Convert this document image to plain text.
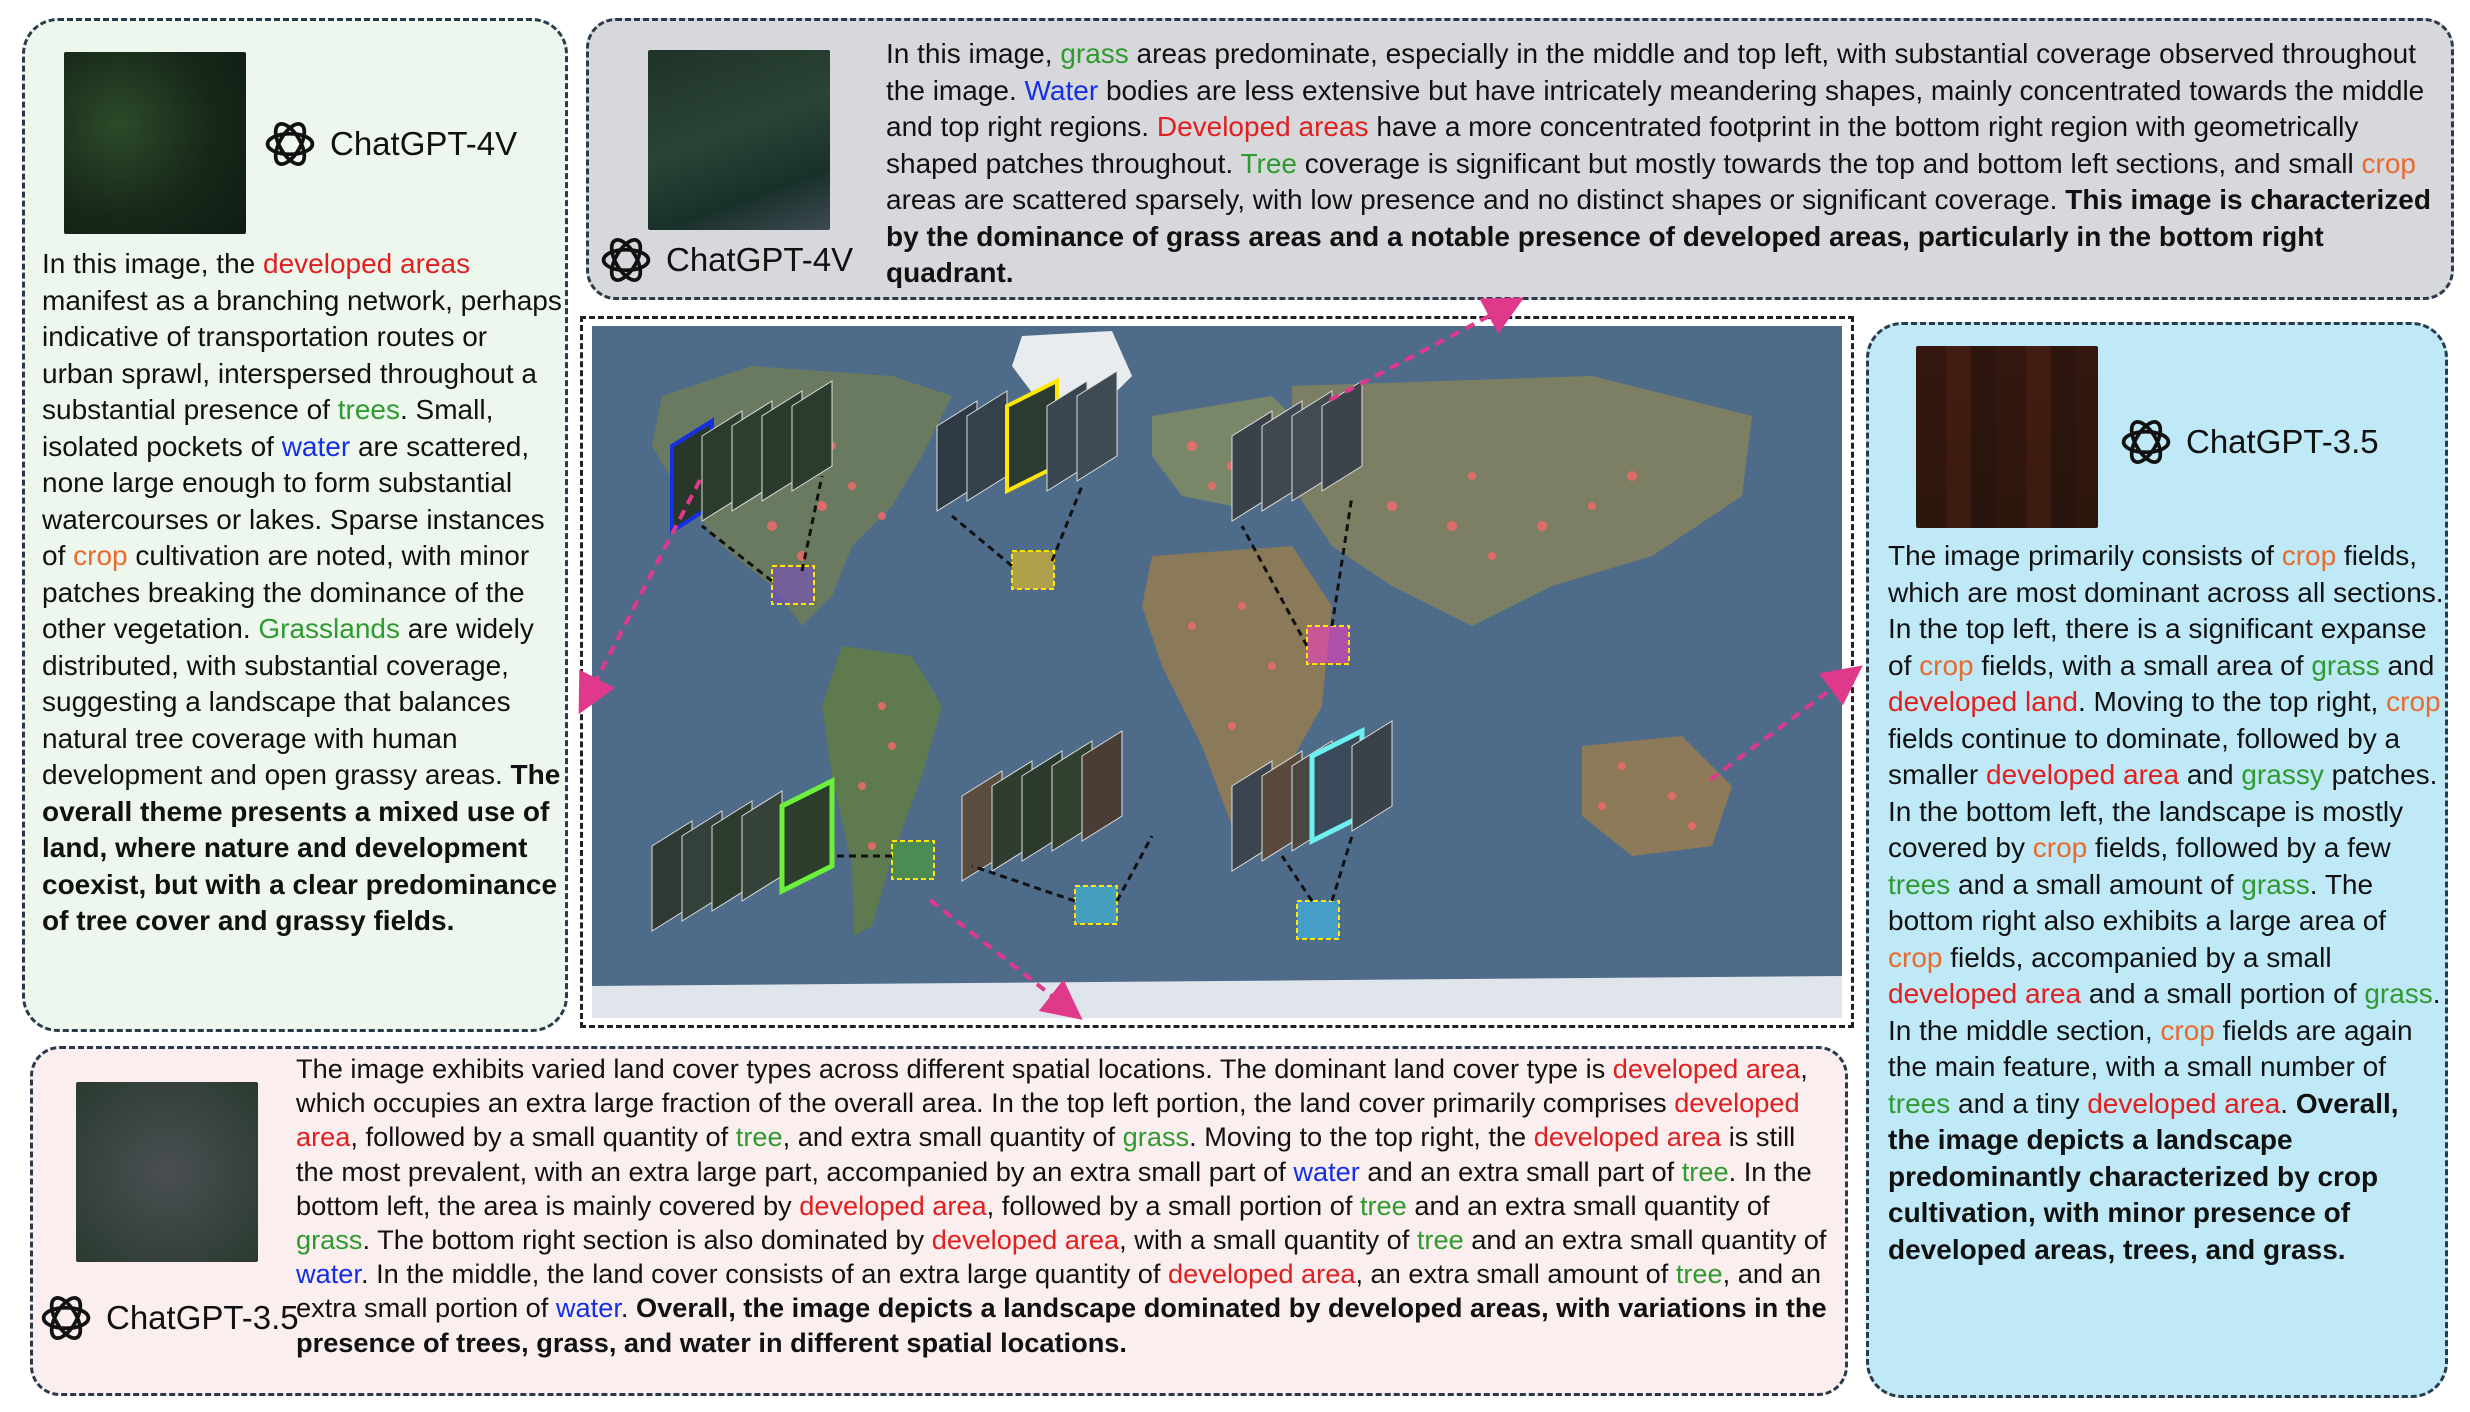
ChatGPT-4V
In this image, the developed areas manifest as a branching network, perhaps indicative of transportation routes or urban sprawl, interspersed throughout a substantial presence of trees. Small, isolated pockets of water are scattered, none large enough to form substantial watercourses or lakes. Sparse instances of crop cultivation are noted, with minor patches breaking the dominance of the other vegetation. Grasslands are widely distributed, with substantial coverage, suggesting a landscape that balances natural tree coverage with human development and open grassy areas. The overall theme presents a mixed use of land, where nature and development coexist, but with a clear predominance of tree cover and grassy fields.
ChatGPT-4V
In this image, grass areas predominate, especially in the middle and top left, with substantial coverage observed throughout the image. Water bodies are less extensive but have intricately meandering shapes, mainly concentrated towards the middle and top right regions. Developed areas have a more concentrated footprint in the bottom right region with geometrically shaped patches throughout. Tree coverage is significant but mostly towards the top and bottom left sections, and small crop areas are scattered sparsely, with low presence and no distinct shapes or significant coverage. This image is characterized by the dominance of grass areas and a notable presence of developed areas, particularly in the bottom right quadrant.
ChatGPT-3.5
The image primarily consists of crop fields, which are most dominant across all sections. In the top left, there is a significant expanse of crop fields, with a small area of grass and developed land. Moving to the top right, crop fields continue to dominate, followed by a smaller developed area and grassy patches. In the bottom left, the landscape is mostly covered by crop fields, followed by a few trees and a small amount of grass. The bottom right also exhibits a large area of crop fields, accompanied by a small developed area and a small portion of grass. In the middle section, crop fields are again the main feature, with a small number of trees and a tiny developed area. Overall, the image depicts a landscape predominantly characterized by crop cultivation, with minor presence of developed areas, trees, and grass.
ChatGPT-3.5
The image exhibits varied land cover types across different spatial locations. The dominant land cover type is developed area, which occupies an extra large fraction of the overall area. In the top left portion, the land cover primarily comprises developed area, followed by a small quantity of tree, and extra small quantity of grass. Moving to the top right, the developed area is still the most prevalent, with an extra large part, accompanied by an extra small part of water and an extra small part of tree. In the bottom left, the area is mainly covered by developed area, followed by a small portion of tree and an extra small quantity of grass. The bottom right section is also dominated by developed area, with a small quantity of tree and an extra small quantity of water. In the middle, the land cover consists of an extra large quantity of developed area, an extra small amount of tree, and an extra small portion of water. Overall, the image depicts a landscape dominated by developed areas, with variations in the presence of trees, grass, and water in different spatial locations.
